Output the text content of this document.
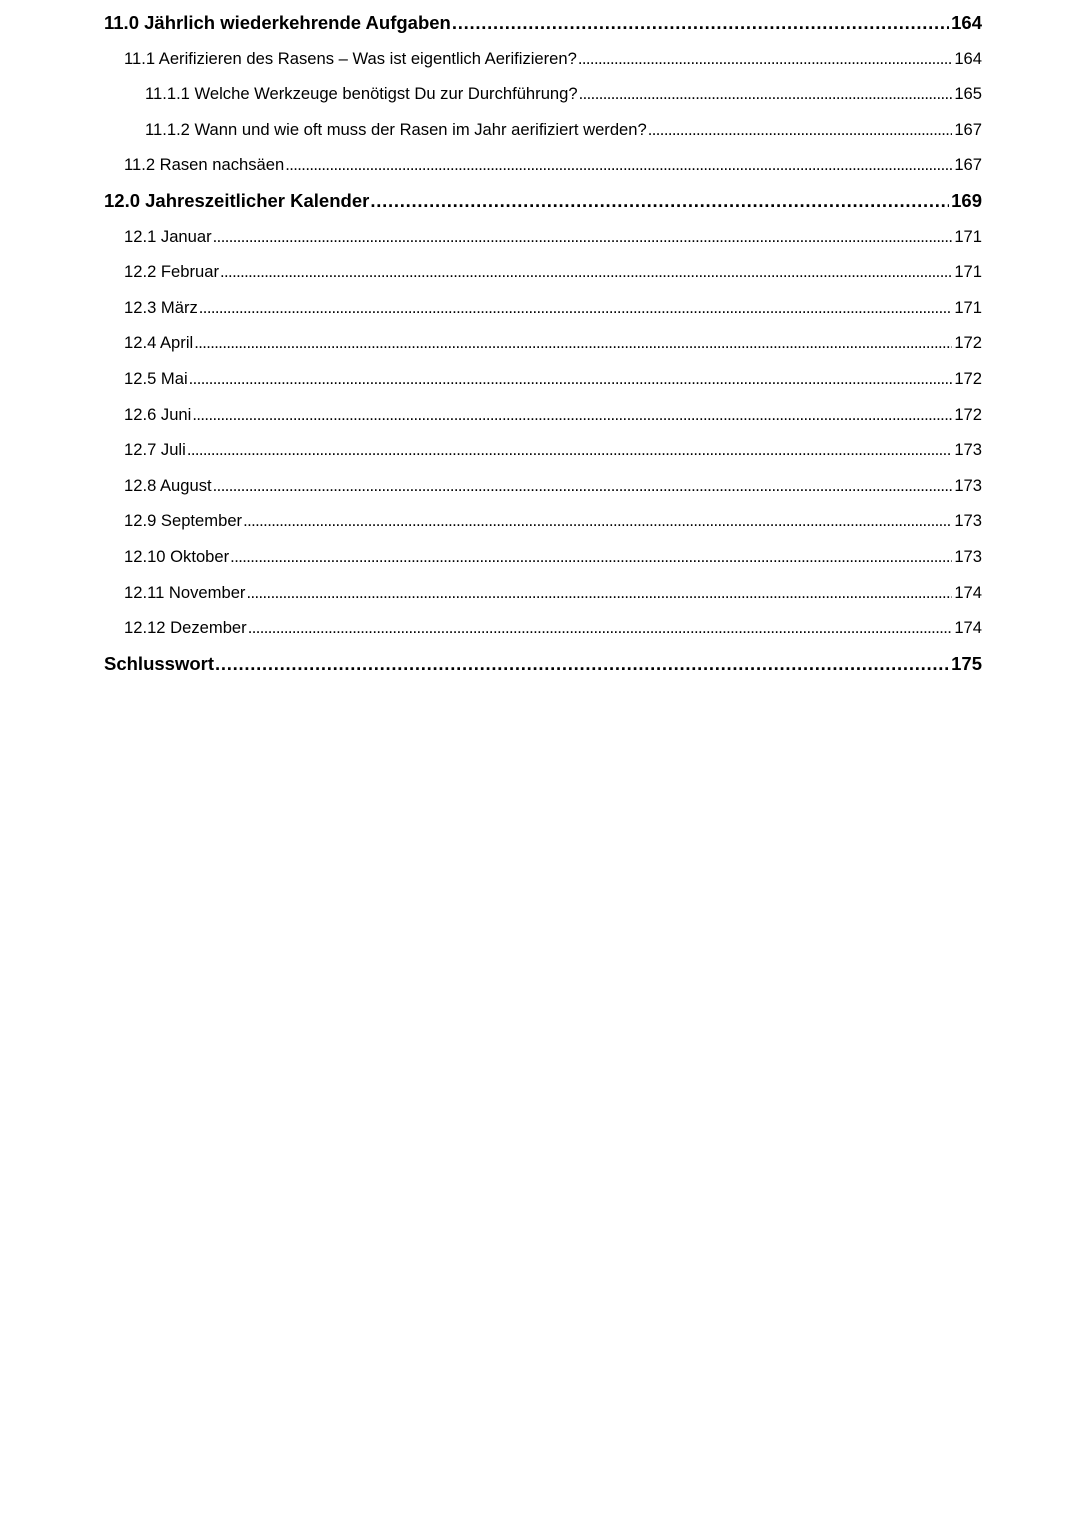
11.0 Jährlich wiederkehrende Aufgaben . . .	164
11.1 Aerifizieren des Rasens – Was ist eigentlich Aerifizieren? . . .	164
11.1.1 Welche Werkzeuge benötigst Du zur Durchführung? . . .	165
11.1.2 Wann und wie oft muss der Rasen im Jahr aerifiziert werden? . . .	167
11.2 Rasen nachsäen . . .	167
12.0 Jahreszeitlicher Kalender . . .	169
12.1 Januar . . .	171
12.2 Februar . . .	171
12.3 März . . .	171
12.4 April . . .	172
12.5 Mai . . .	172
12.6 Juni . . .	172
12.7 Juli . . .	173
12.8 August . . .	173
12.9 September . . .	173
12.10 Oktober . . .	173
12.11 November . . .	174
12.12 Dezember . . .	174
Schlusswort . . .	175
